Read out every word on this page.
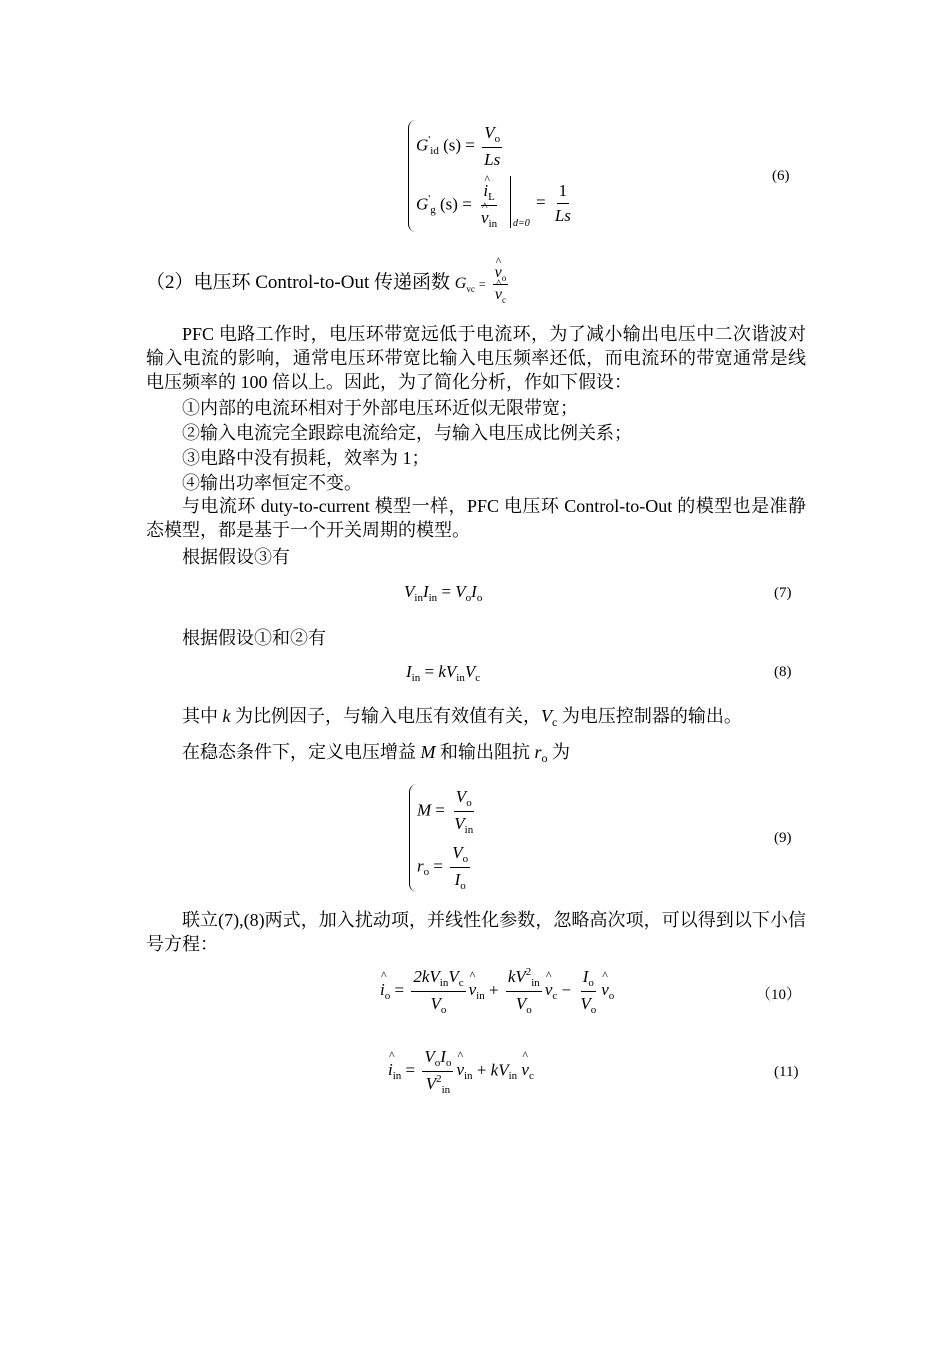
$G'_{id}$ $(s) = \frac{V_o}{Ls}$
$G'_g$ (s) = ^ $i_L$
^ $v_{in}$ d=0
= $\frac{1}{Ls}$
(6)
（2）电压环 Control-to-Out 传递函数 $G_{vc}$ = ^ $v_o$
^ $v_c$
PFC 电路工作时，电压环带宽远低于电流环，为了减小输出电压中二次谐波对输入电流的影响，通常电压环带宽比输入电压频率还低，而电流环的带宽通常是线电压频率的 100 倍以上。因此，为了简化分析，作如下假设：
①内部的电流环相对于外部电压环近似无限带宽；
②输入电流完全跟踪电流给定，与输入电压成比例关系；
③电路中没有损耗，效率为 1；
④输出功率恒定不变。
与电流环 duty-to-current 模型一样，PFC 电压环 Control-to-Out 的模型也是准静态模型，都是基于一个开关周期的模型。
根据假设③有
$V_{in}I_{in} = V_oI_o$	(7)
根据假设①和②有
$I_{in} = kV_{in}V_c$	(8)
其中 k 为比例因子，与输入电压有效值有关，$V_c$ 为电压控制器的输出。
在稳态条件下，定义电压增益 M 和输出阻抗 $r_o$ 为
$M = \frac{V_o}{V_{in}}$
$r_o = \frac{V_o}{I_o}$
(9)
联立(7),(8)两式，加入扰动项，并线性化参数，忽略高次项，可以得到以下小信号方程：
^ $i_o = \frac{2kV_{in}V_c}{V_o}$ ^ $v_{in} + \frac{kV^2_{in}}{V_o}$ ^ $v_c - \frac{I_o}{V_o}$ ^ $v_o$	（10）
^ $i_{in} = \frac{V_oI_o}{V^2_{in}}$ ^ $v_{in} + kV_{in}$ ^ $v_c$	(11)
